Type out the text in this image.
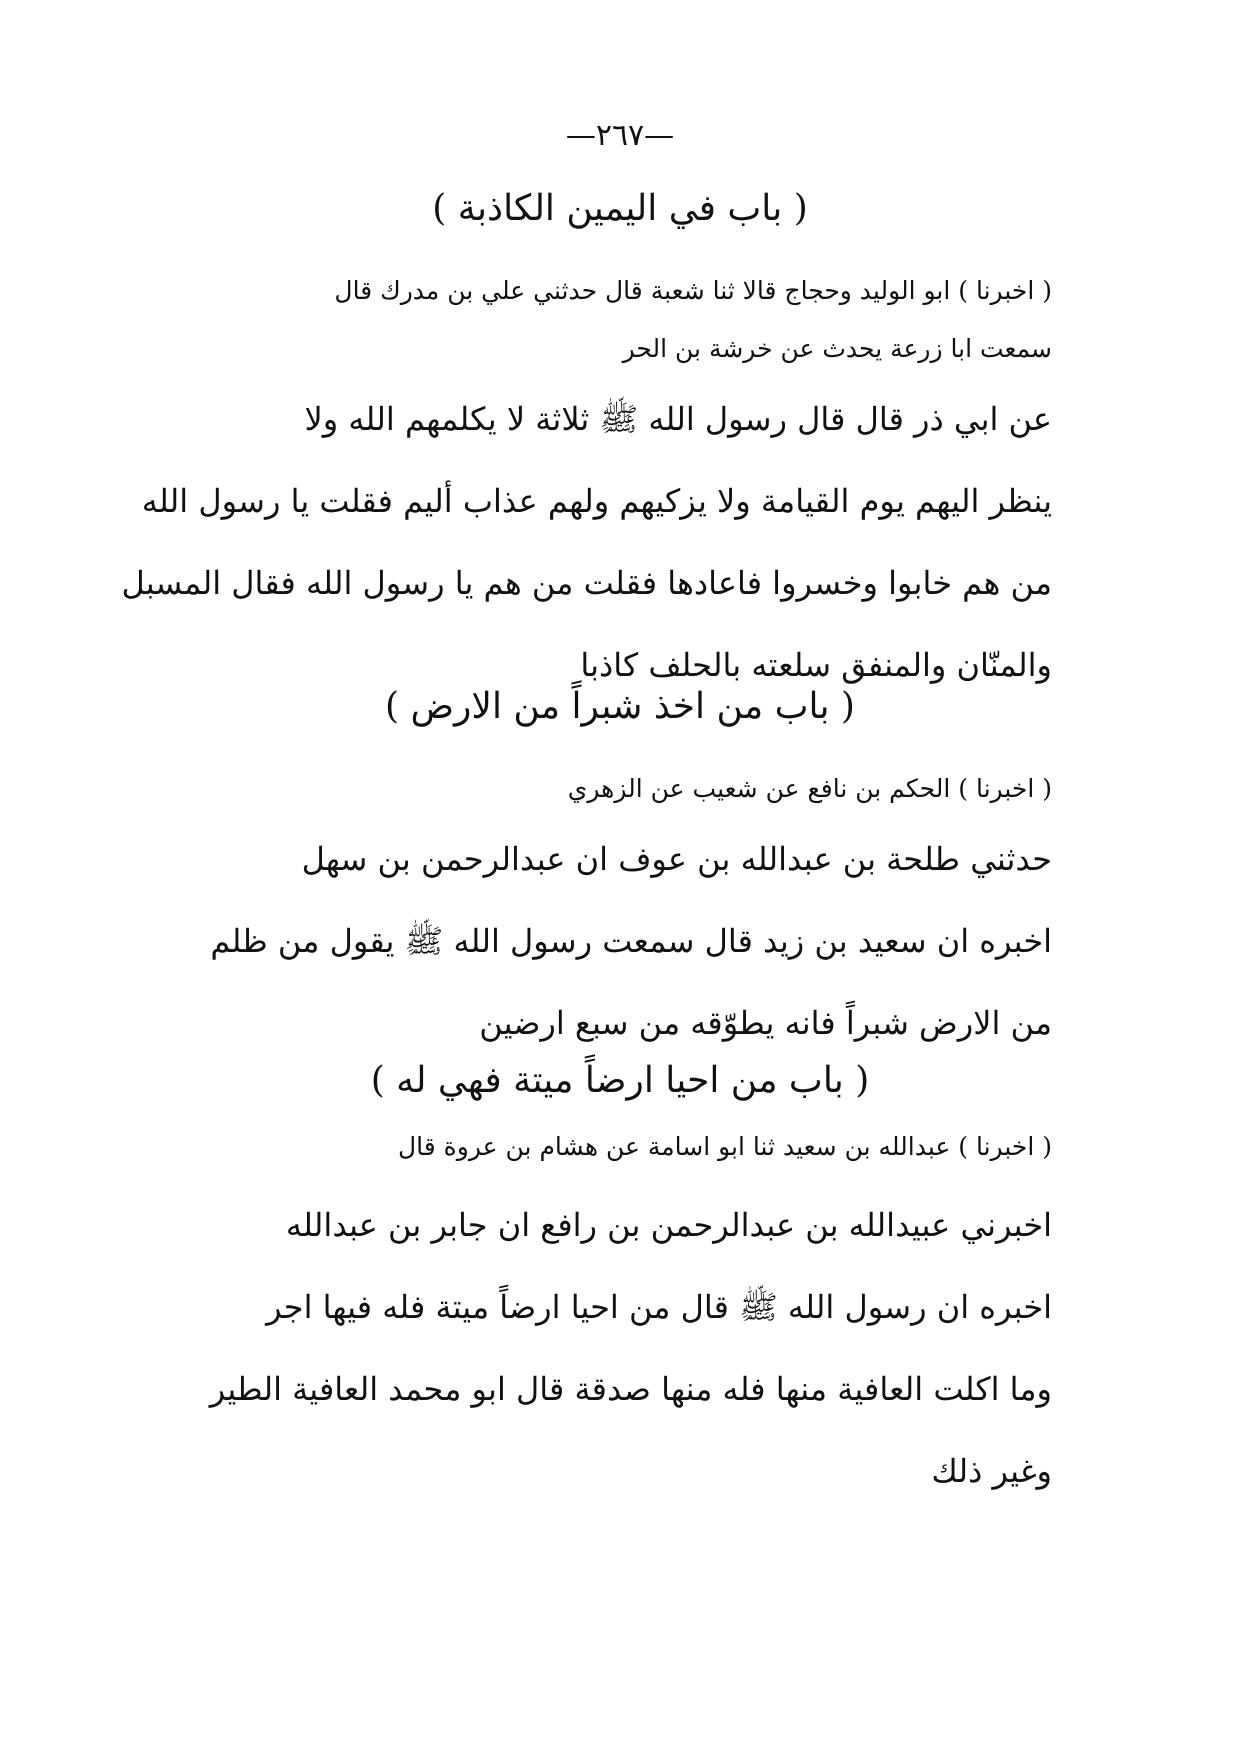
—٢٦٧—
( باب في اليمين الكاذبة )
( اخبرنا ) ابو الوليد وحجاج قالا ثنا شعبة قال حدثني علي بن مدرك قال
سمعت ابا زرعة يحدث عن خرشة بن الحر
عن ابي ذر قال قال رسول الله ﷺ ثلاثة لا يكلمهم الله ولا
ينظر اليهم يوم القيامة ولا يزكيهم ولهم عذاب أليم فقلت يا رسول الله
من هم خابوا وخسروا فاعادها فقلت من هم يا رسول الله فقال المسبل
والمنّان والمنفق سلعته بالحلف كاذبا
( باب من اخذ شبراً من الارض )
( اخبرنا ) الحكم بن نافع عن شعيب عن الزهري
حدثني طلحة بن عبدالله بن عوف ان عبدالرحمن بن سهل
اخبره ان سعيد بن زيد قال سمعت رسول الله ﷺ يقول من ظلم
من الارض شبراً فانه يطوّقه من سبع ارضين
( باب من احيا ارضاً ميتة فهي له )
( اخبرنا ) عبدالله بن سعيد ثنا ابو اسامة عن هشام بن عروة قال
اخبرني عبيدالله بن عبدالرحمن بن رافع ان جابر بن عبدالله
اخبره ان رسول الله ﷺ قال من احيا ارضاً ميتة فله فيها اجر
وما اكلت العافية منها فله منها صدقة قال ابو محمد العافية الطير
وغير ذلك
